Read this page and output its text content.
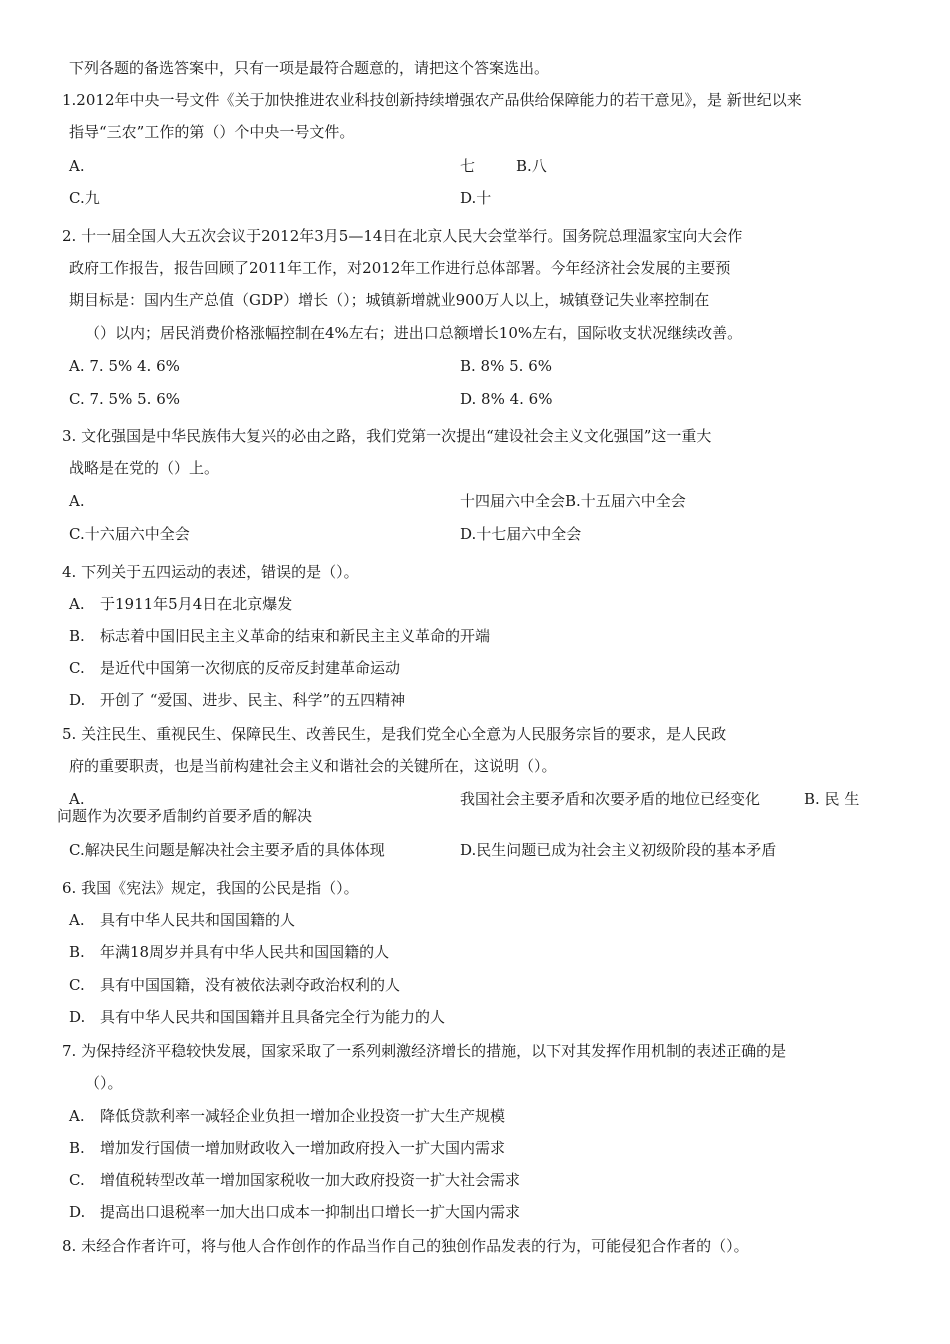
下列各题的备选答案中，只有一项是最符合题意的，请把这个答案选出。
1.2012年中央一号文件《关于加快推进农业科技创新持续增强农产品供给保障能力的若干意见》，是 新世纪以来
指导“三农”工作的第（）个中央一号文件。
A.	七	B.八
C.九	D.十
2. 十一届全国人大五次会议于2012年3月5—14日在北京人民大会堂举行。国务院总理温家宝向大会作
政府工作报告，报告回顾了2011年工作，对2012年工作进行总体部署。今年经济社会发展的主要预
期目标是：国内生产总值（GDP）增长（）；城镇新增就业900万人以上，城镇登记失业率控制在
（）以内；居民消费价格涨幅控制在4%左右；进出口总额增长10%左右，国际收支状况继续改善。
A. 7. 5% 4. 6%	B. 8% 5. 6%
C. 7. 5% 5. 6%	D. 8% 4. 6%
3. 文化强国是中华民族伟大复兴的必由之路，我们党第一次提出“建设社会主义文化强国”这一重大
战略是在党的（）上。
A.	十四届六中全会B.十五届六中全会
C.十六届六中全会	D.十七届六中全会
4. 下列关于五四运动的表述，错误的是（）。
A. 于1911年5月4日在北京爆发
B. 标志着中国旧民主主义革命的结束和新民主主义革命的开端
C. 是近代中国第一次彻底的反帝反封建革命运动
D. 开创了 “爱国、进步、民主、科学”的五四精神
5. 关注民生、重视民生、保障民生、改善民生，是我们党全心全意为人民服务宗旨的要求，是人民政
府的重要职责，也是当前构建社会主义和谐社会的关键所在，这说明（）。
A.	我国社会主要矛盾和次要矛盾的地位已经变化	B. 民 生
问题作为次要矛盾制约首要矛盾的解决
C.解决民生问题是解决社会主要矛盾的具体体现	D.民生问题已成为社会主义初级阶段的基本矛盾
6. 我国《宪法》规定，我国的公民是指（）。
A. 具有中华人民共和国国籍的人
B. 年满18周岁并具有中华人民共和国国籍的人
C. 具有中国国籍，没有被依法剥夺政治权利的人
D. 具有中华人民共和国国籍并且具备完全行为能力的人
7. 为保持经济平稳较快发展，国家采取了一系列刺激经济增长的措施，以下对其发挥作用机制的表述正确的是
（）。
A. 降低贷款利率一减轻企业负担一增加企业投资一扩大生产规模
B. 增加发行国债一增加财政收入一增加政府投入一扩大国内需求
C. 增值税转型改革一增加国家税收一加大政府投资一扩大社会需求
D. 提高出口退税率一加大出口成本一抑制出口增长一扩大国内需求
8. 未经合作者许可，将与他人合作创作的作品当作自己的独创作品发表的行为，可能侵犯合作者的（）。
